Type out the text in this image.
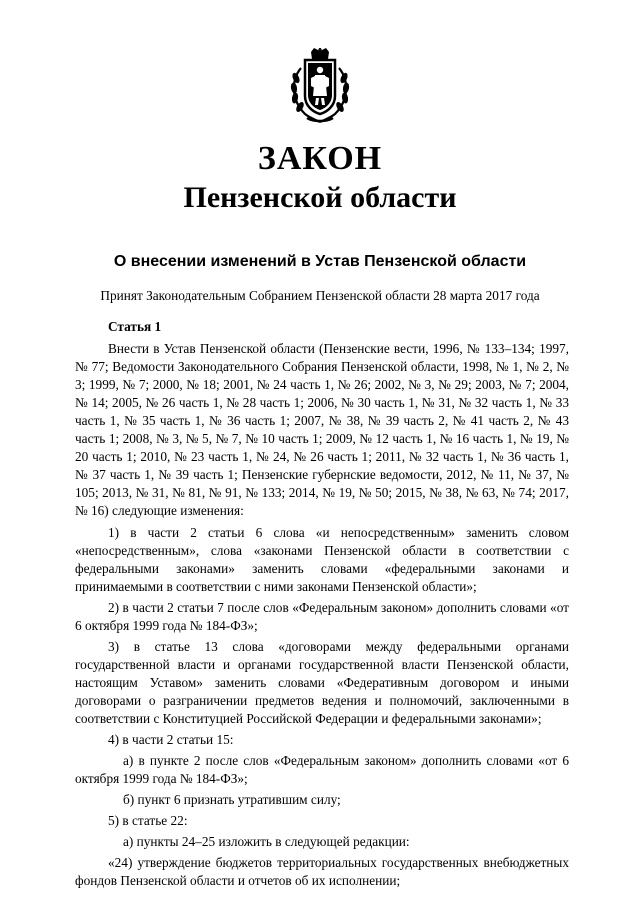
ЗАКОН
Пензенской области
О внесении изменений в Устав Пензенской области
Принят Законодательным Собранием Пензенской области 28 марта 2017 года
Статья 1

Внести в Устав Пензенской области (Пензенские вести, 1996, № 133–134; 1997, № 77; Ведомости Законодательного Собрания Пензенской области, 1998, № 1, № 2, № 3; 1999, № 7; 2000, № 18; 2001, № 24 часть 1, № 26; 2002, № 3, № 29; 2003, № 7; 2004, № 14; 2005, № 26 часть 1, № 28 часть 1; 2006, № 30 часть 1, № 31, № 32 часть 1, № 33 часть 1, № 35 часть 1, № 36 часть 1; 2007, № 38, № 39 часть 2, № 41 часть 2, № 43 часть 1; 2008, № 3, № 5, № 7, № 10 часть 1; 2009, № 12 часть 1, № 16 часть 1, № 19, № 20 часть 1; 2010, № 23 часть 1, № 24, № 26 часть 1; 2011, № 32 часть 1, № 36 часть 1, № 37 часть 1, № 39 часть 1; Пензенские губернские ведомости, 2012, № 11, № 37, № 105; 2013, № 31, № 81, № 91, № 133; 2014, № 19, № 50; 2015, № 38, № 63, № 74; 2017, № 16) следующие изменения:

1) в части 2 статьи 6 слова «и непосредственным» заменить словом «непосредственным», слова «законами Пензенской области в соответствии с федеральными законами» заменить словами «федеральными законами и принимаемыми в соответствии с ними законами Пензенской области»;

2) в части 2 статьи 7 после слов «Федеральным законом» дополнить словами «от 6 октября 1999 года № 184-ФЗ»;

3) в статье 13 слова «договорами между федеральными органами государственной власти и органами государственной власти Пензенской области, настоящим Уставом» заменить словами «Федеративным договором и иными договорами о разграничении предметов ведения и полномочий, заключенными в соответствии с Конституцией Российской Федерации и федеральными законами»;

4) в части 2 статьи 15:

а) в пункте 2 после слов «Федеральным законом» дополнить словами «от 6 октября 1999 года № 184-ФЗ»;

б) пункт 6 признать утратившим силу;

5) в статье 22:

а) пункты 24–25 изложить в следующей редакции:

«24) утверждение бюджетов территориальных государственных внебюджетных фондов Пензенской области и отчетов об их исполнении;
